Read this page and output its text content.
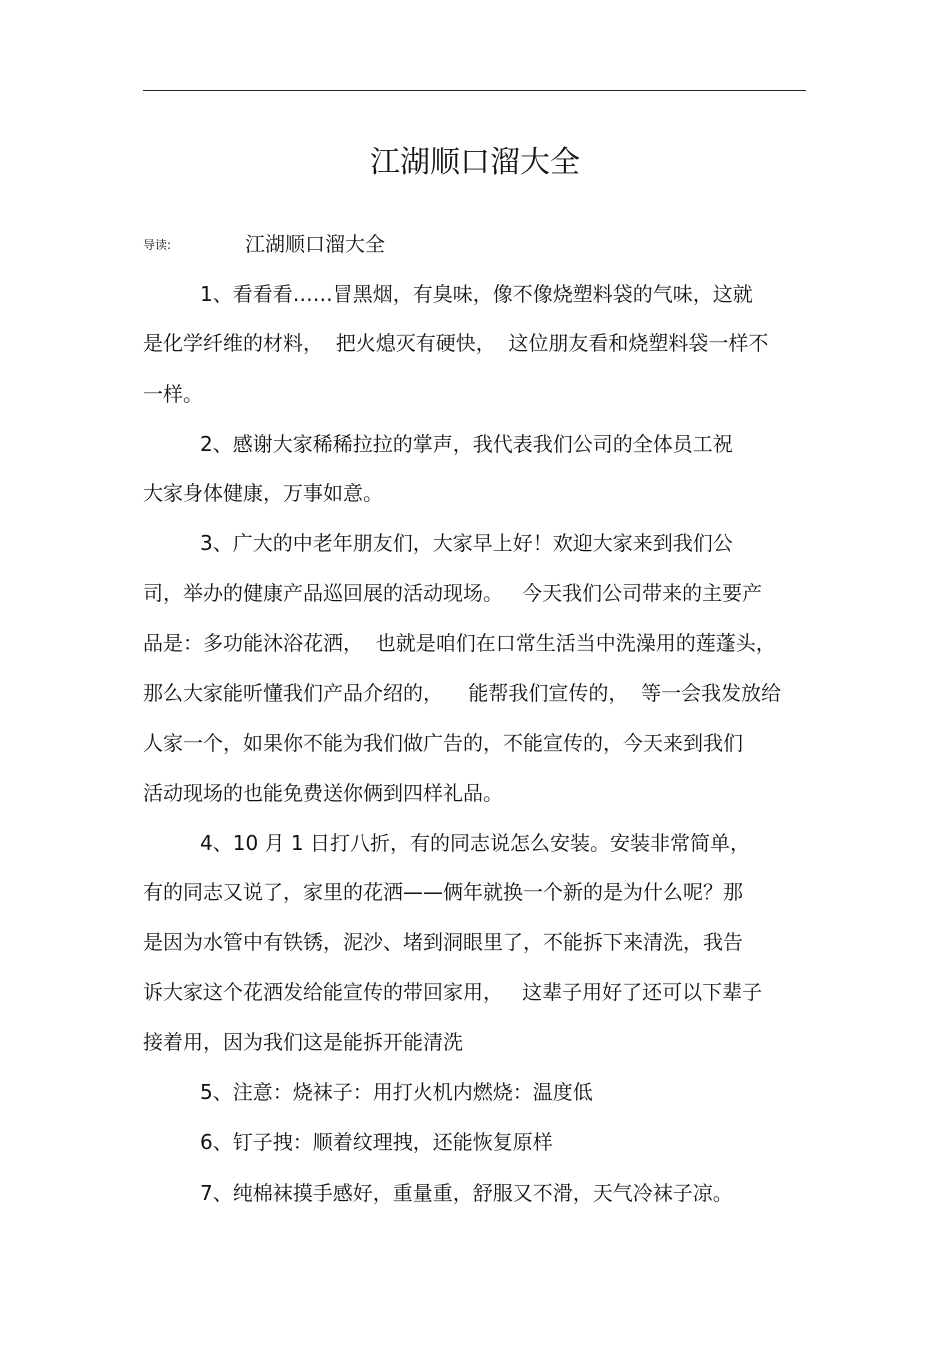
江湖顺口溜大全
导读:	江湖顺口溜大全
1、看看看……冒黑烟，有臭味，像不像烧塑料袋的气味，这就
是化学纤维的材料，  把火熄灭有硬快，  这位朋友看和烧塑料袋一样不
一样。
2、感谢大家稀稀拉拉的掌声，我代表我们公司的全体员工祝
大家身体健康，万事如意。
3、广大的中老年朋友们，大家早上好！欢迎大家来到我们公
司，举办的健康产品巡回展的活动现场。   今天我们公司带来的主要产
品是：多功能沐浴花洒，  也就是咱们在口常生活当中洗澡用的莲蓬头，
那么大家能听懂我们产品介绍的，    能帮我们宣传的，  等一会我发放给
人家一个，如果你不能为我们做广告的，不能宣传的，今天来到我们
活动现场的也能免费送你俩到四样礼品。
4、10 月 1 日打八折，有的同志说怎么安装。安装非常简单，
有的同志又说了，家里的花洒——俩年就换一个新的是为什么呢？那
是因为水管中有铁锈，泥沙、堵到洞眼里了，不能拆下来清洗，我告
诉大家这个花洒发给能宣传的带回家用，   这辈子用好了还可以下辈子
接着用，因为我们这是能拆开能清洗
5、注意：烧袜子：用打火机内燃烧：温度低
6、钉子拽：顺着纹理拽，还能恢复原样
7、纯棉袜摸手感好，重量重，舒服又不滑，天气冷袜子凉。
